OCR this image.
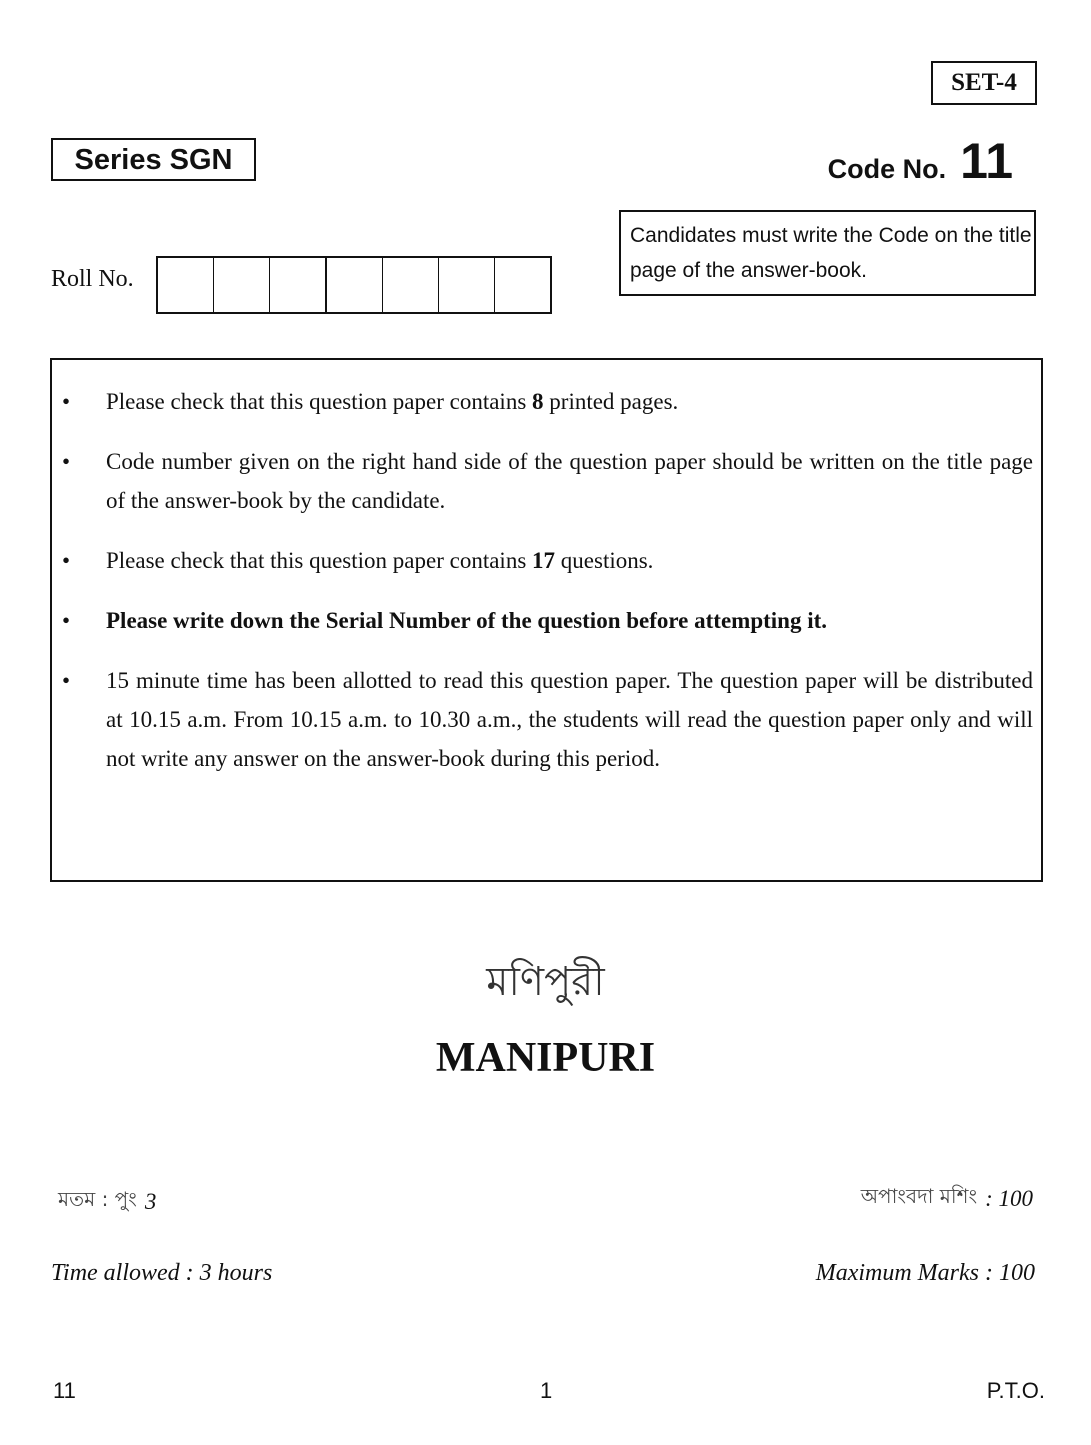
SET-4
Series SGN	Code No. 11
Roll No.
Candidates must write the Code on the title page of the answer-book.
• Please check that this question paper contains 8 printed pages.
• Code number given on the right hand side of the question paper should be written on the title page of the answer-book by the candidate.
• Please check that this question paper contains 17 questions.
• Please write down the Serial Number of the question before attempting it.
• 15 minute time has been allotted to read this question paper. The question paper will be distributed at 10.15 a.m. From 10.15 a.m. to 10.30 a.m., the students will read the question paper only and will not write any answer on the answer-book during this period.
মণিপুরী
MANIPURI
মতম : পুং 3	অপাংবদা মশিং : 100
Time allowed : 3 hours	Maximum Marks : 100
11	1	P.T.O.
